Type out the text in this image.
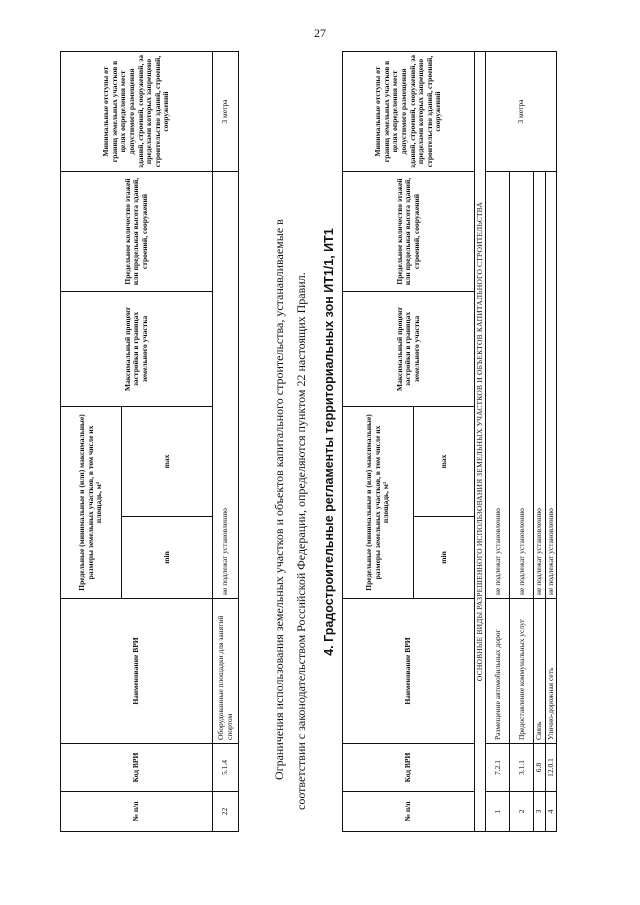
27
№ п/п	Код ВРИ	Наименование ВРИ	Предельные (минимальные и (или) максимальные) размеры земельных участков, в том числе их площадь, м²		Максимальный процент застройки в границах земельного участка	Предельное количество этажей или предельная высота зданий, строений, сооружений	Минимальные отступы от границ земельных участков в целях определения мест допустимого размещения зданий, строений, сооружений, за пределами которых запрещено строительство зданий, строений, сооружений
			min	max			
22	5.1.4	Оборудованные площадки для занятий спортом	не подлежат установлению				3 метра
Ограничения использования земельных участков и объектов капитального строительства, устанавливаемые в соответствии с законодательством Российской Федерации, определяются пунктом 22 настоящих Правил.	4. Градостроительные регламенты территориальных зон ИТ1/1, ИТ1
№ п/п	Код ВРИ	Наименование ВРИ	Предельные (минимальные и (или) максимальные) размеры земельных участков, в том числе их площадь, м²		Максимальный процент застройки в границах земельного участка	Предельное количество этажей или предельная высота зданий, строений, сооружений	Минимальные отступы от границ земельных участков в целях определения мест допустимого размещения зданий, строений, сооружений, за пределами которых запрещено строительство зданий, строений, сооружений
			min	max			
ОСНОВНЫЕ ВИДЫ РАЗРЕШЕННОГО ИСПОЛЬЗОВАНИЯ ЗЕМЕЛЬНЫХ УЧАСТКОВ И ОБЪЕКТОВ КАПИТАЛЬНОГО СТРОИТЕЛЬСТВА							
1	7.2.1	Размещение автомобильных дорог	не подлежат установлению				3 метра
2	3.1.1	Предоставление коммунальных услуг	не подлежат установлению				
3	6.8	Связь	не подлежат установлению				
4	12.0.1	Улично-дорожная сеть	не подлежат установлению				
